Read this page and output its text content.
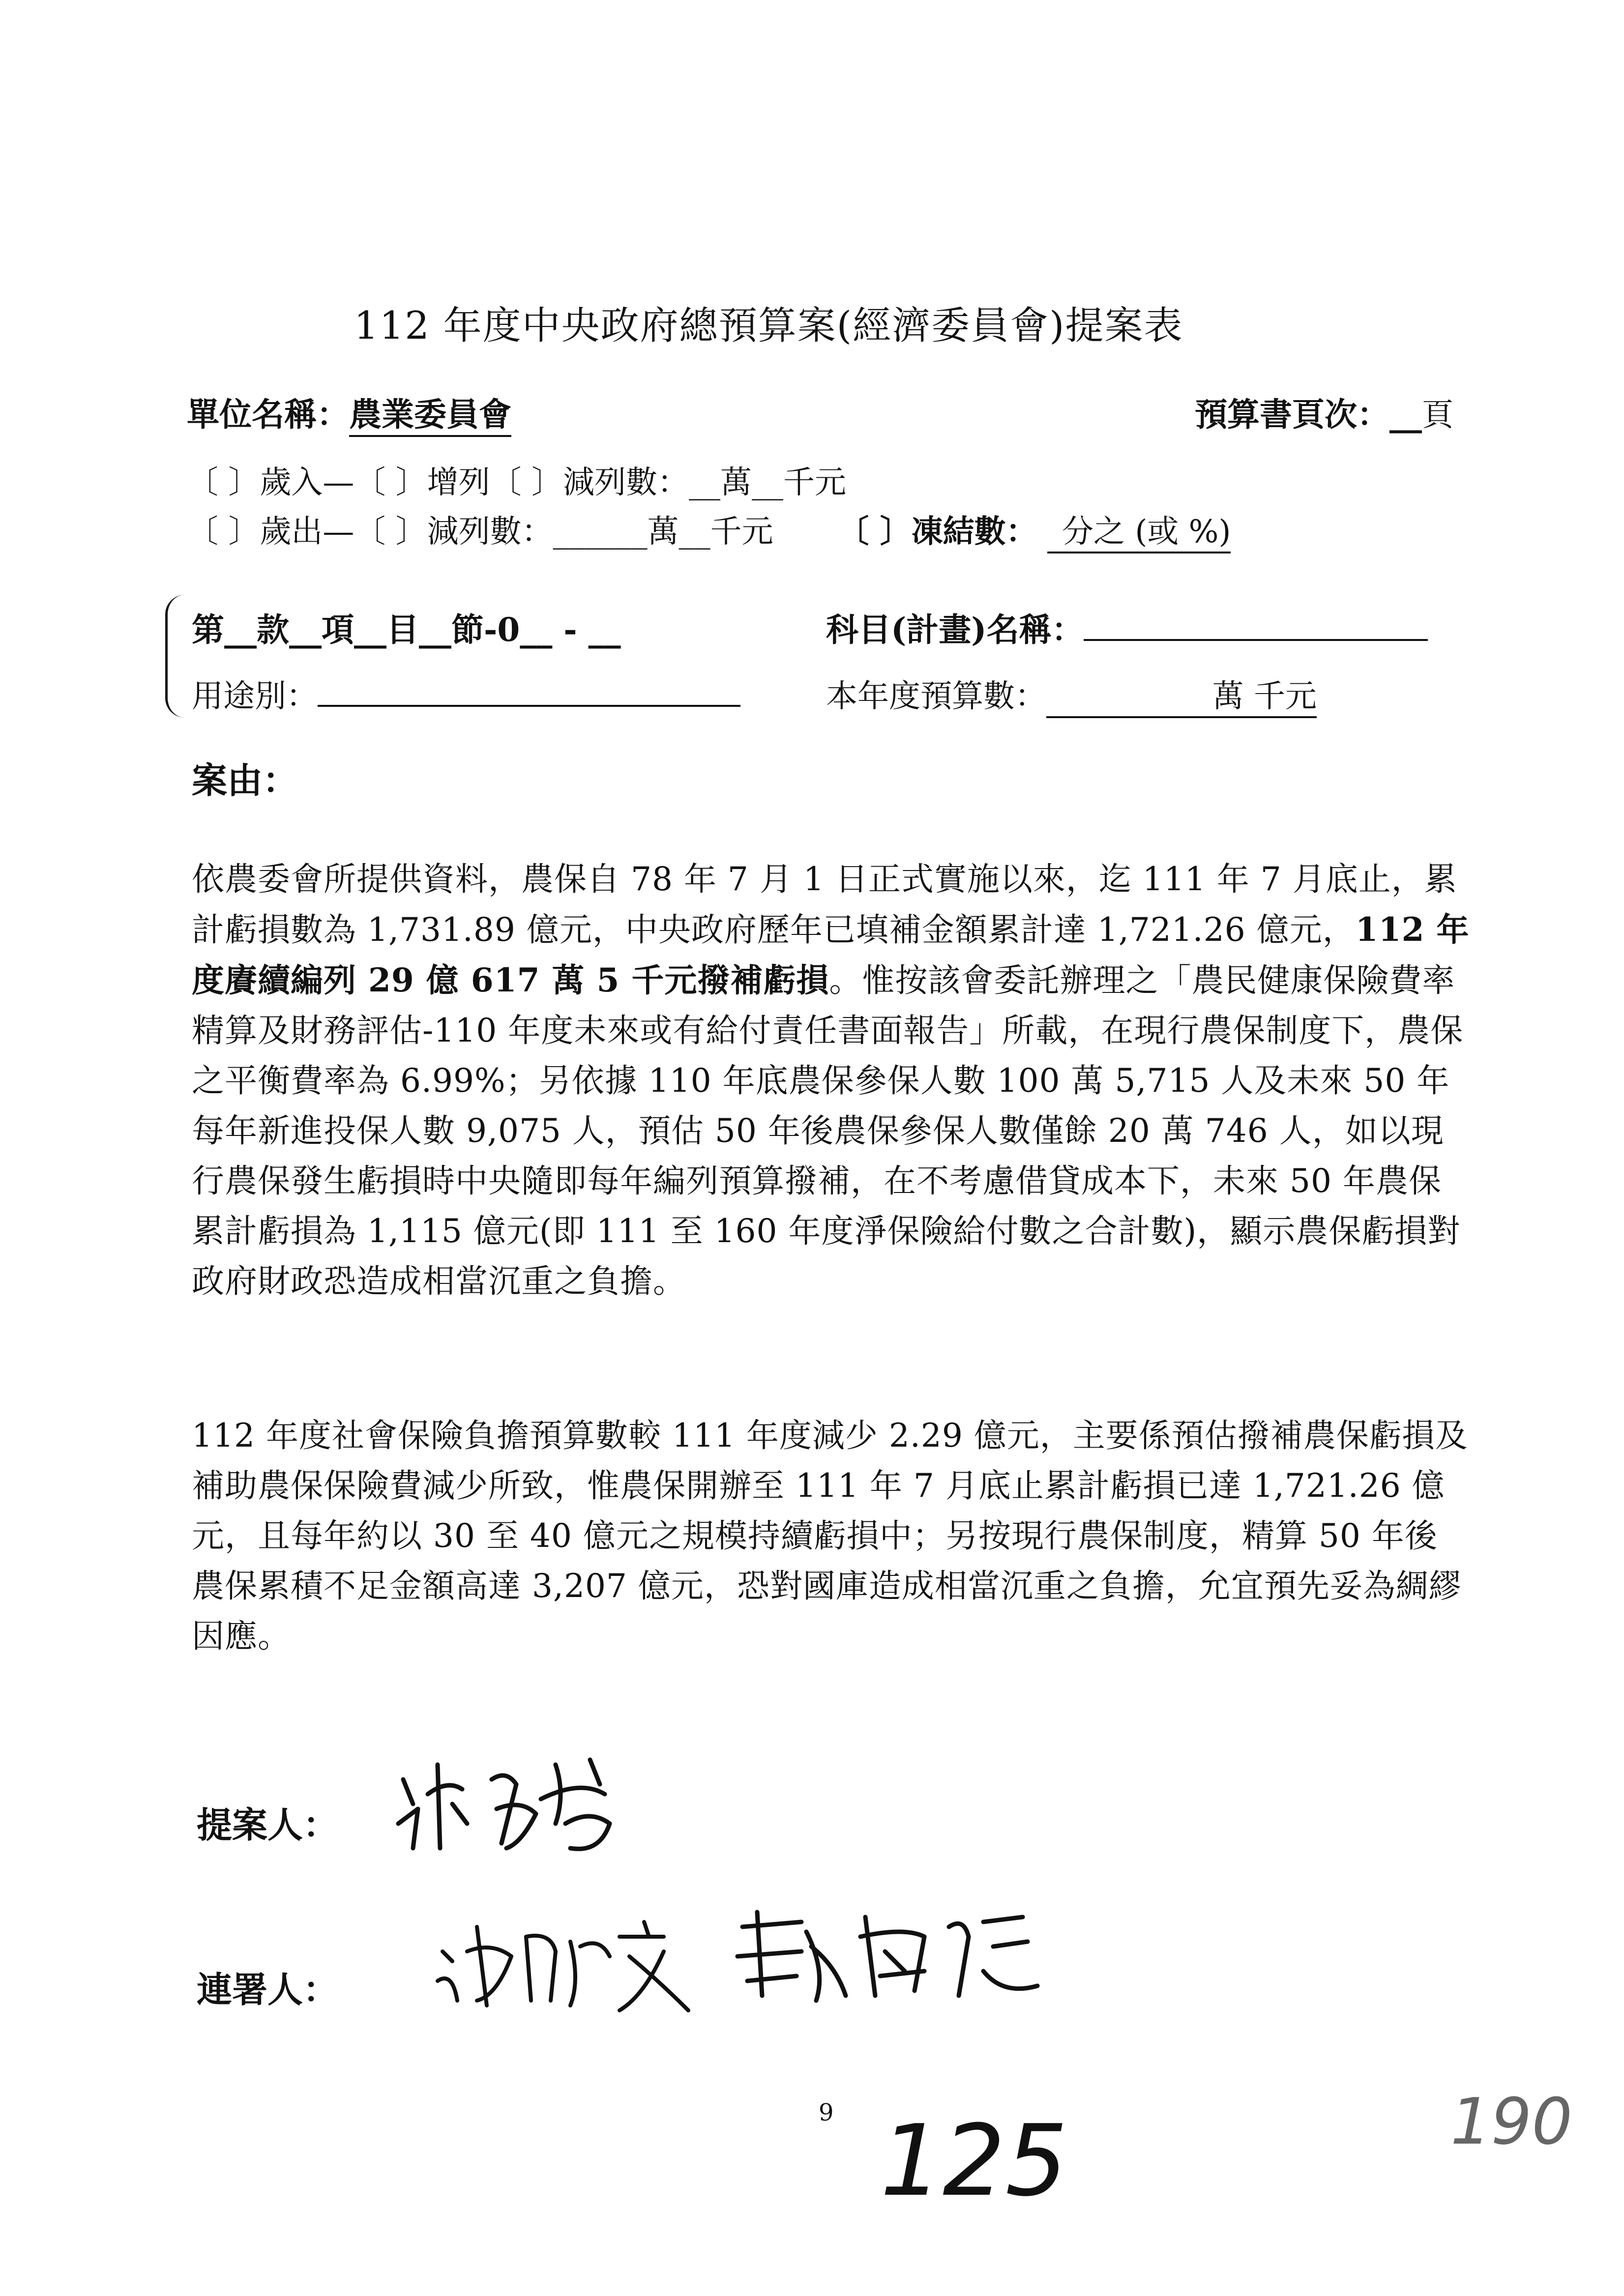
112 年度中央政府總預算案(經濟委員會)提案表
單位名稱：農業委員會	預算書頁次：__頁
〔 〕歲入—〔 〕增列〔 〕減列數：__萬__千元
〔 〕歲出—〔 〕減列數：______萬__千元 〔 〕凍結數： 分之 (或 %)
第__款__項__目__節-0__ - __	科目(計畫)名稱：
用途別：	本年度預算數：	萬 千元
案由：
依農委會所提供資料，農保自 78 年 7 月 1 日正式實施以來，迄 111 年 7 月底止，累計虧損數為 1,731.89 億元，中央政府歷年已填補金額累計達 1,721.26 億元，112 年度賡續編列 29 億 617 萬 5 千元撥補虧損。惟按該會委託辦理之「農民健康保險費率精算及財務評估-110 年度未來或有給付責任書面報告」所載，在現行農保制度下，農保之平衡費率為 6.99%；另依據 110 年底農保參保人數 100 萬 5,715 人及未來 50 年每年新進投保人數 9,075 人，預估 50 年後農保參保人數僅餘 20 萬 746 人，如以現行農保發生虧損時中央隨即每年編列預算撥補，在不考慮借貸成本下，未來 50 年農保累計虧損為 1,115 億元(即 111 至 160 年度淨保險給付數之合計數)，顯示農保虧損對政府財政恐造成相當沉重之負擔。
112 年度社會保險負擔預算數較 111 年度減少 2.29 億元，主要係預估撥補農保虧損及補助農保保險費減少所致，惟農保開辦至 111 年 7 月底止累計虧損已達 1,721.26 億元，且每年約以 30 至 40 億元之規模持續虧損中；另按現行農保制度，精算 50 年後農保累積不足金額高達 3,207 億元，恐對國庫造成相當沉重之負擔，允宜預先妥為綢繆因應。
提案人：
連署人：
9 125	190
